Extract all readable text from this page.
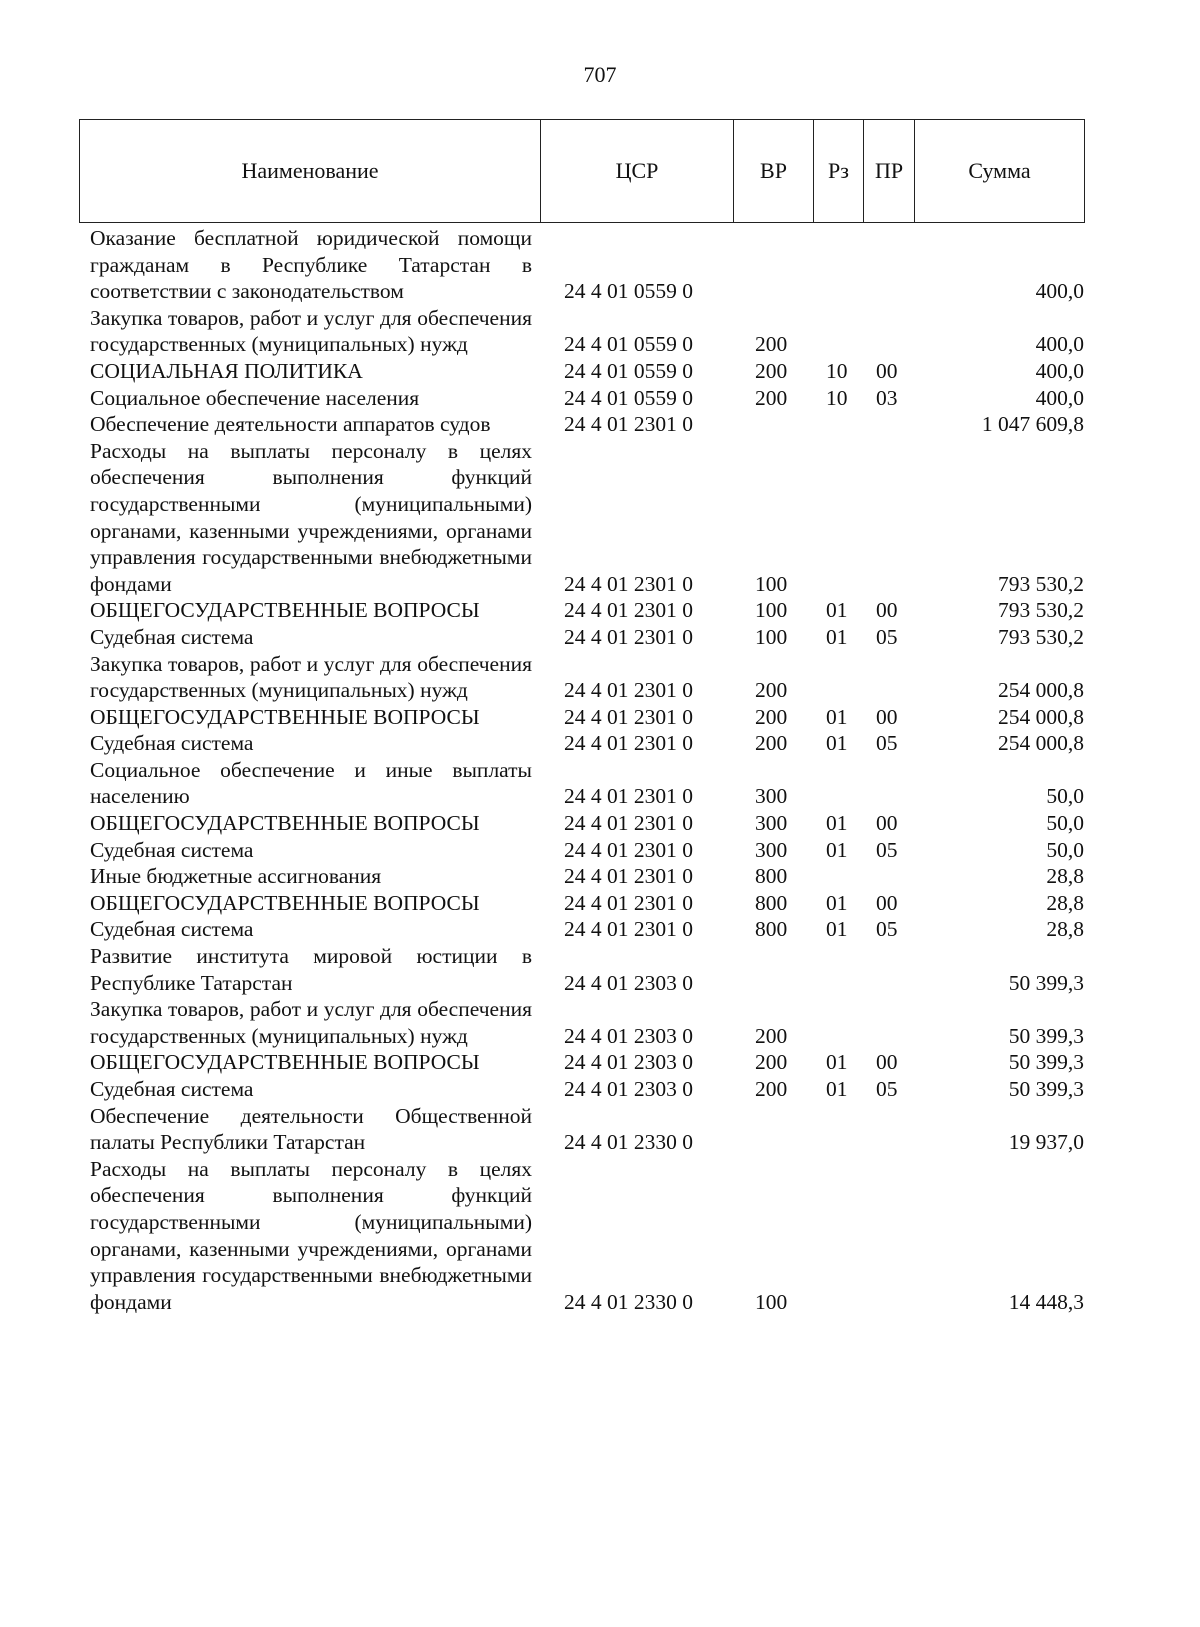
707
Наименование	ЦСР	ВР	Рз	ПР	Сумма
Оказание бесплатной юридической помощи гражданам в Республике Татарстан в соответствии с законодательством	24 4 01 0559 0				400,0
Закупка товаров, работ и услуг для обеспечения государственных (муниципальных) нужд	24 4 01 0559 0	200			400,0
СОЦИАЛЬНАЯ ПОЛИТИКА	24 4 01 0559 0	200	10	00	400,0
Социальное обеспечение населения	24 4 01 0559 0	200	10	03	400,0
Обеспечение деятельности аппаратов судов	24 4 01 2301 0				1 047 609,8
Расходы на выплаты персоналу в целях обеспечения выполнения функций государственными (муниципальными) органами, казенными учреждениями, органами управления государственными внебюджетными фондами	24 4 01 2301 0	100			793 530,2
ОБЩЕГОСУДАРСТВЕННЫЕ ВОПРОСЫ	24 4 01 2301 0	100	01	00	793 530,2
Судебная система	24 4 01 2301 0	100	01	05	793 530,2
Закупка товаров, работ и услуг для обеспечения государственных (муниципальных) нужд	24 4 01 2301 0	200			254 000,8
ОБЩЕГОСУДАРСТВЕННЫЕ ВОПРОСЫ	24 4 01 2301 0	200	01	00	254 000,8
Судебная система	24 4 01 2301 0	200	01	05	254 000,8
Социальное обеспечение и иные выплаты населению	24 4 01 2301 0	300			50,0
ОБЩЕГОСУДАРСТВЕННЫЕ ВОПРОСЫ	24 4 01 2301 0	300	01	00	50,0
Судебная система	24 4 01 2301 0	300	01	05	50,0
Иные бюджетные ассигнования	24 4 01 2301 0	800			28,8
ОБЩЕГОСУДАРСТВЕННЫЕ ВОПРОСЫ	24 4 01 2301 0	800	01	00	28,8
Судебная система	24 4 01 2301 0	800	01	05	28,8
Развитие института мировой юстиции в Республике Татарстан	24 4 01 2303 0				50 399,3
Закупка товаров, работ и услуг для обеспечения государственных (муниципальных) нужд	24 4 01 2303 0	200			50 399,3
ОБЩЕГОСУДАРСТВЕННЫЕ ВОПРОСЫ	24 4 01 2303 0	200	01	00	50 399,3
Судебная система	24 4 01 2303 0	200	01	05	50 399,3
Обеспечение деятельности Общественной палаты Республики Татарстан	24 4 01 2330 0				19 937,0
Расходы на выплаты персоналу в целях обеспечения выполнения функций государственными (муниципальными) органами, казенными учреждениями, органами управления государственными внебюджетными фондами	24 4 01 2330 0	100			14 448,3
